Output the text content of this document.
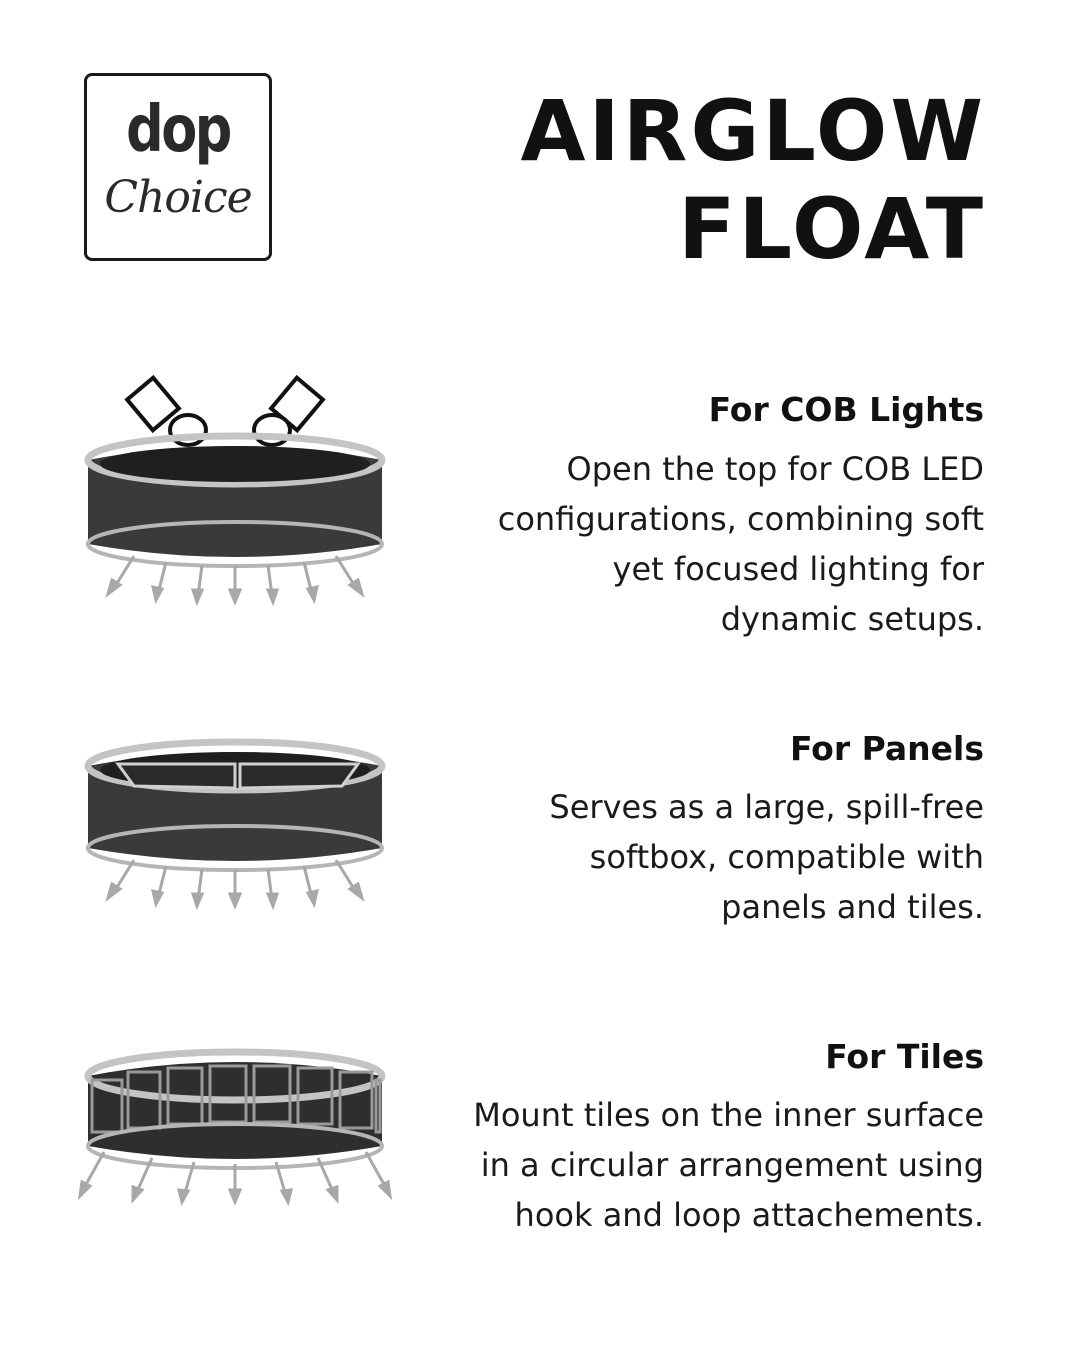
dop
Choice
AIRGLOW
FLOAT
For COB Lights
Open the top for COB LED
configurations, combining soft
yet focused lighting for
dynamic setups.
For Panels
Serves as a large, spill-free
softbox, compatible with
panels and tiles.
For Tiles
Mount tiles on the inner surface
in a circular arrangement using
hook and loop attachements.
